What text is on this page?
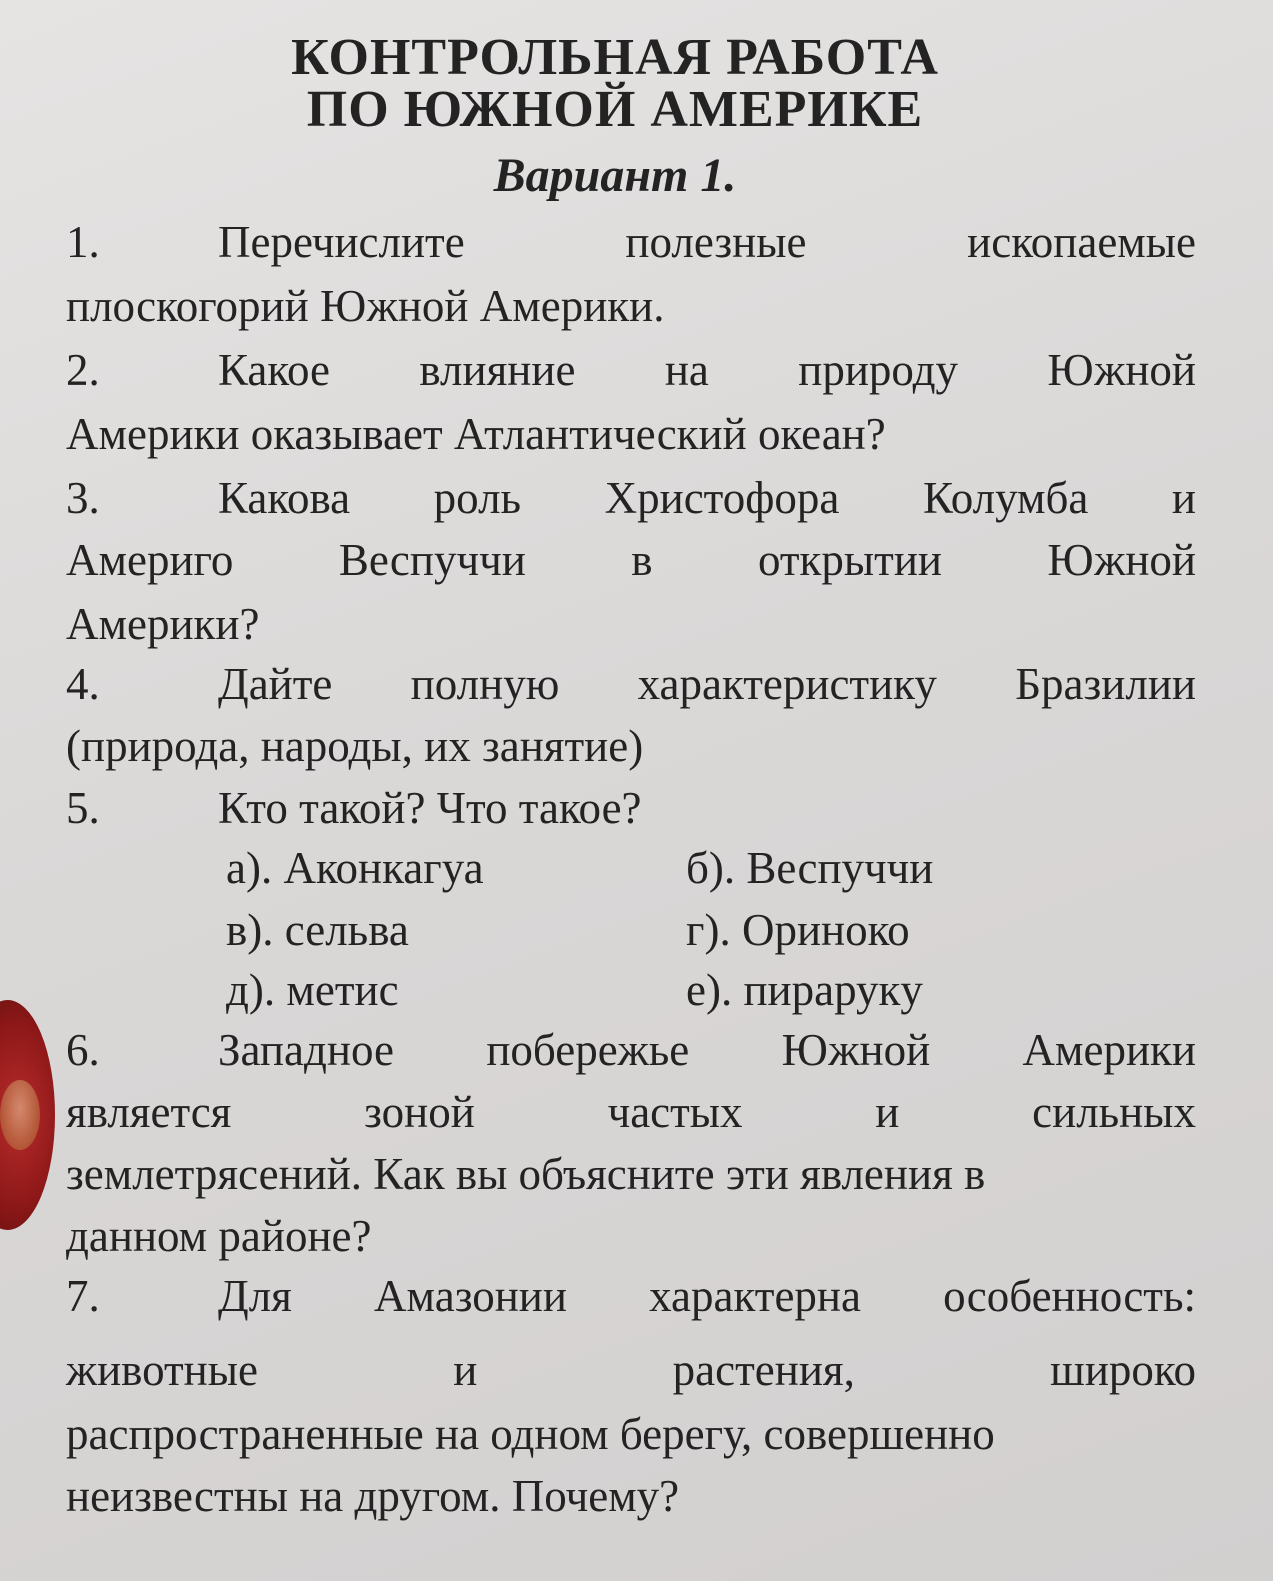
КОНТРОЛЬНАЯ РАБОТА
ПО ЮЖНОЙ АМЕРИКЕ
Вариант 1.
1.	Перечислите полезные ископаемые
плоскогорий Южной Америки.
2.	Какое влияние на природу Южной
Америки оказывает Атлантический океан?
3.	Какова роль Христофора Колумба и
Америго Веспуччи в открытии Южной
Америки?
4.	Дайте полную характеристику Бразилии
(природа, народы, их занятие)
5.	Кто такой? Что такое?
а). Аконкагуа	б). Веспуччи
в). сельва	г). Ориноко
д). метис	е). пирарукy
6.	Западное побережье Южной Америки
является зоной частых и сильных
землетрясений. Как вы объясните эти явления в
данном районе?
7.	Для Амазонии характерна особенность:
животные и растения, широко
распространенные на одном берегу, совершенно
неизвестны на другом. Почему?
